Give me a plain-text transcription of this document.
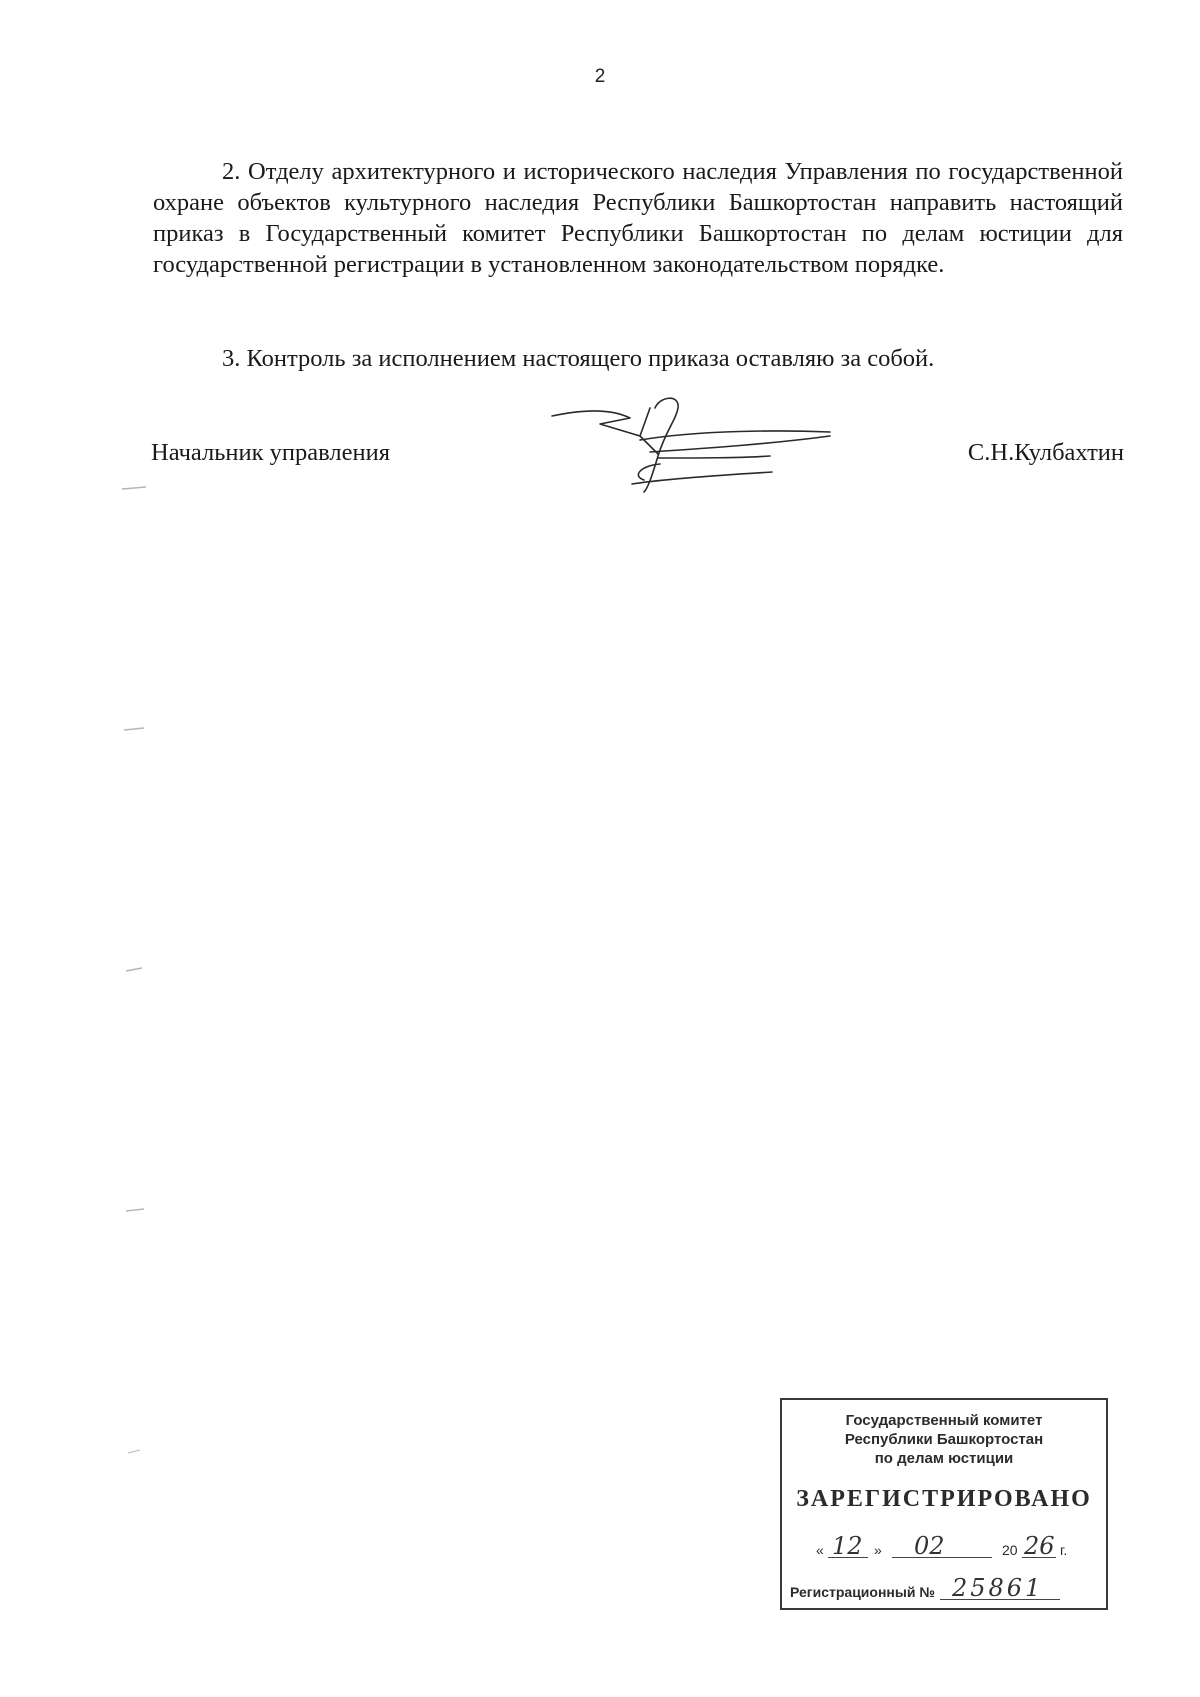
2

2. Отделу архитектурного и исторического наследия Управления по государственной охране объектов культурного наследия Республики Башкортостан направить настоящий приказ в Государственный комитет Республики Башкортостан по делам юстиции для государственной регистрации в установленном законодательством порядке.

3. Контроль за исполнением настоящего приказа оставляю за собой.

Начальник управления	С.Н.Кулбахтин
Государственный комитет
Республики Башкортостан
по делам юстиции
ЗАРЕГИСТРИРОВАНО
« 12 » 02	20 26 г.
Регистрационный № 25861
